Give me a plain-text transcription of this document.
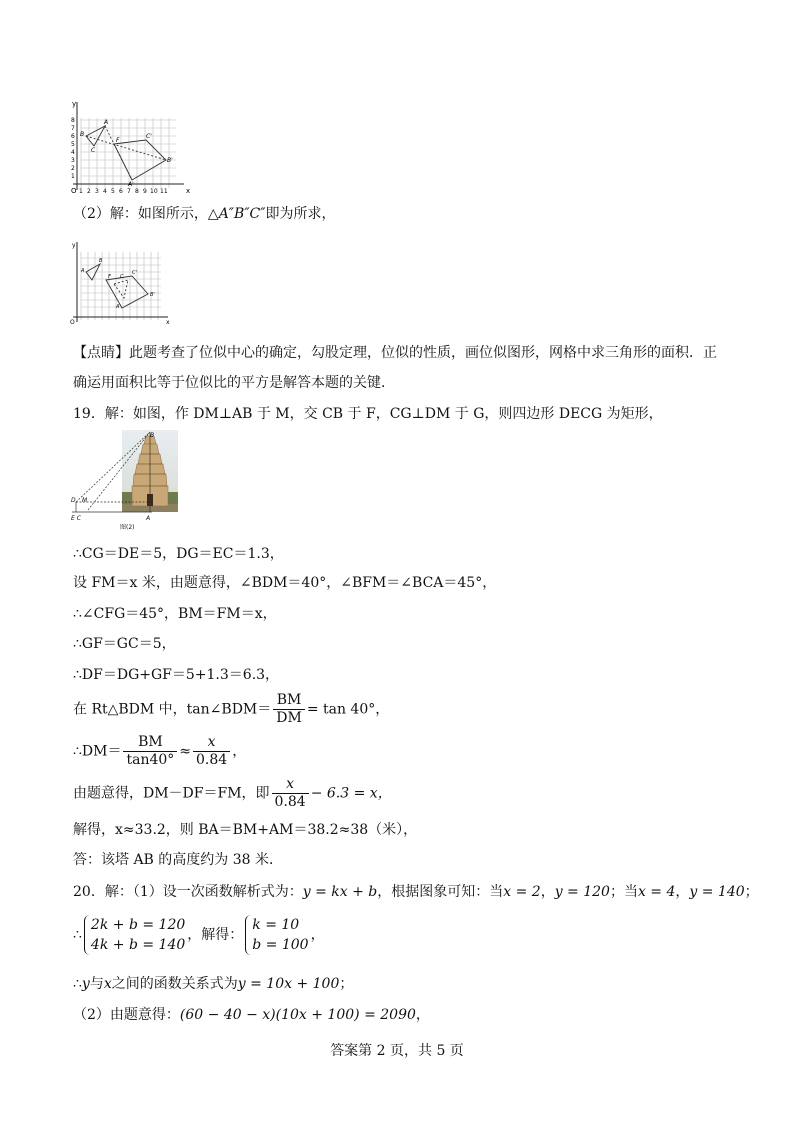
y
O	x
1
2
3
4
5
6
7
8
1 2 3 4 5 6 7 8 9 10 11
B
A
C
F
C'
A'
B'
（2）解：如图所示，△A″B″C″即为所求，
y
O	x
A
B
F C
A'
C'
B'
【点睛】此题考查了位似中心的确定，勾股定理，位似的性质，画位似图形，网格中求三角形的面积．正
确运用面积比等于位似比的平方是解答本题的关键．
19．解：如图，作 DM⊥AB 于 M，交 CB 于 F，CG⊥DM 于 G，则四边形 DECG 为矩形，
B
D M
E C	A
图(2)
∴CG＝DE＝5，DG＝EC＝1.3，
设 FM＝x 米，由题意得，∠BDM＝40°，∠BFM＝∠BCA＝45°，
∴∠CFG＝45°，BM＝FM＝x，
∴GF＝GC＝5，
∴DF＝DG+GF＝5+1.3＝6.3，
在 Rt△BDM 中，tan∠BDM＝ $\frac{BM}{DM} = \tan 40^\circ$，
∴DM＝ $\frac{BM}{\tan 40^\circ} \approx \frac{x}{0.84}$ ，
由题意得，DM－DF＝FM，即 $\frac{x}{0.84} - 6.3 = x$，
解得，x≈33.2，则 BA＝BM+AM＝38.2≈38（米），
答：该塔 AB 的高度约为 38 米．
20．解：（1）设一次函数解析式为：y = kx + b，根据图象可知：当x = 2，y = 120；当x = 4，y = 140；
∴
2k + b = 120
4k + b = 140
，解得：
k = 10
b = 100
，
∴y与x之间的函数关系式为y = 10x + 100；
（2）由题意得：(60 − 40 − x)(10x + 100) = 2090，
答案第 2 页，共 5 页
